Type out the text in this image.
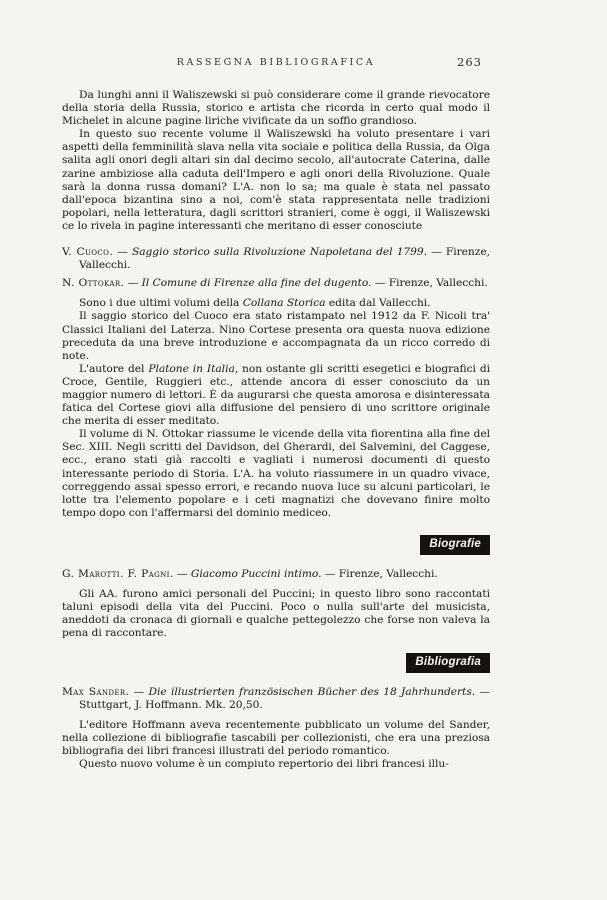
RASSEGNA BIBLIOGRAFICA	263

Da lunghi anni il Waliszewski si può considerare come il grande rievocatore della storia della Russia, storico e artista che ricorda in certo qual modo il Michelet in alcune pagine liriche vivificate da un soffio grandioso.

In questo suo recente volume il Waliszewski ha voluto presentare i vari aspetti della femminilità slava nella vita sociale e politica della Russia, da Olga salita agli onori degli altari sin dal decimo secolo, all'autocrate Caterina, dalle zarine ambiziose alla caduta dell'Impero e agli onori della Rivoluzione. Quale sarà la donna russa domani? L'A. non lo sa; ma quale è stata nel passato dall'epoca bizantina sino a noi, com'è stata rappresentata nelle tradizioni popolari, nella letteratura, dagli scrittori stranieri, come è oggi, il Waliszewski ce lo rivela in pagine interessanti che meritano di esser conosciute

V. Cuoco. — Saggio storico sulla Rivoluzione Napoletana del 1799. — Firenze, Vallecchi.

N. Ottokar. — Il Comune di Firenze alla fine del dugento. — Firenze, Vallecchi.

Sono i due ultimi volumi della Collana Storica edita dal Vallecchi.

Il saggio storico del Cuoco era stato ristampato nel 1912 da F. Nicoli tra' Classici Italiani del Laterza. Nino Cortese presenta ora questa nuova edizione preceduta da una breve introduzione e accompagnata da un ricco corredo di note.

L'autore del Platone in Italia, non ostante gli scritti esegetici e biografici di Croce, Gentile, Ruggieri etc., attende ancora di esser conosciuto da un maggior numero di lettori. È da augurarsi che questa amorosa e disinteressata fatica del Cortese giovi alla diffusione del pensiero di uno scrittore originale che merita di esser meditato.

Il volume di N. Ottokar riassume le vicende della vita fiorentina alla fine del Sec. XIII. Negli scritti del Davidson, del Gherardi, del Salvemini, del Caggese, ecc., erano stati già raccolti e vagliati i numerosi documenti di questo interessante periodo di Storia. L'A. ha voluto riassumere in un quadro vivace, correggendo assai spesso errori, e recando nuova luce su alcuni particolari, le lotte tra l'elemento popolare e i ceti magnatizi che dovevano finire molto tempo dopo con l'affermarsi del dominio mediceo.

Biografie

G. Marotti. F. Pagni. — Giacomo Puccini intimo. — Firenze, Vallecchi.

Gli AA. furono amici personali del Puccini; in questo libro sono raccontati taluni episodi della vita del Puccini. Poco o nulla sull'arte del musicista, aneddoti da cronaca di giornali e qualche pettegolezzo che forse non valeva la pena di raccontare.

Bibliografia

Max Sander. — Die illustrierten französischen Bücher des 18 Jahrhunderts. — Stuttgart, J. Hoffmann. Mk. 20,50.

L'editore Hoffmann aveva recentemente pubblicato un volume del Sander, nella collezione di bibliografie tascabili per collezionisti, che era una preziosa bibliografia dei libri francesi illustrati del periodo romantico.

Questo nuovo volume è un compiuto repertorio dei libri francesi illu-
